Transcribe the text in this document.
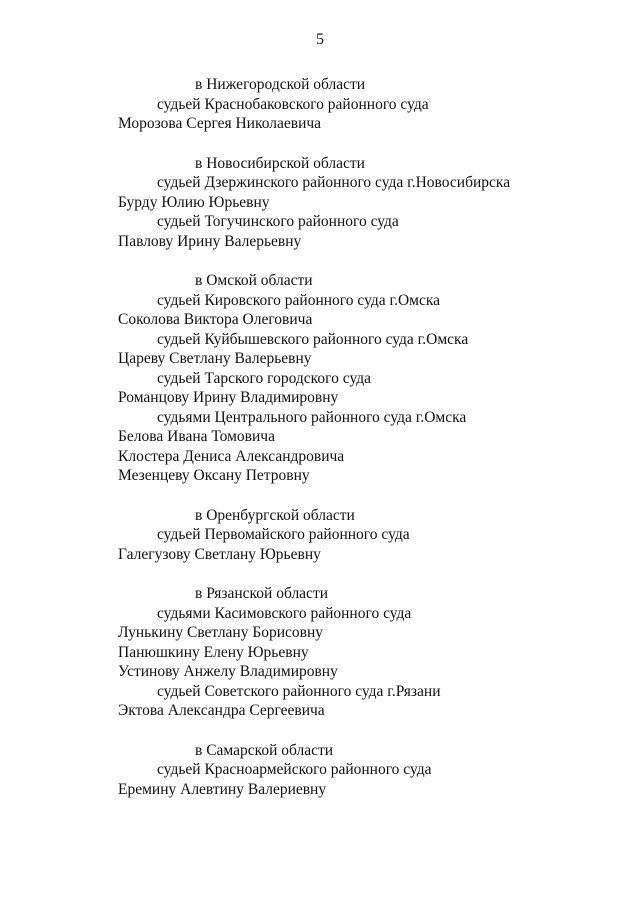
5
в Нижегородской области
судьей Краснобаковского районного суда
Морозова Сергея Николаевича
в Новосибирской области
судьей Дзержинского районного суда г.Новосибирска
Бурду Юлию Юрьевну
судьей Тогучинского районного суда
Павлову Ирину Валерьевну
в Омской области
судьей Кировского районного суда г.Омска
Соколова Виктора Олеговича
судьей Куйбышевского районного суда г.Омска
Цареву Светлану Валерьевну
судьей Тарского городского суда
Романцову Ирину Владимировну
судьями Центрального районного суда г.Омска
Белова Ивана Томовича
Клостера Дениса Александровича
Мезенцеву Оксану Петровну
в Оренбургской области
судьей Первомайского районного суда
Галегузову Светлану Юрьевну
в Рязанской области
судьями Касимовского районного суда
Лунькину Светлану Борисовну
Панюшкину Елену Юрьевну
Устинову Анжелу Владимировну
судьей Советского районного суда г.Рязани
Эктова Александра Сергеевича
в Самарской области
судьей Красноармейского районного суда
Еремину Алевтину Валериевну
